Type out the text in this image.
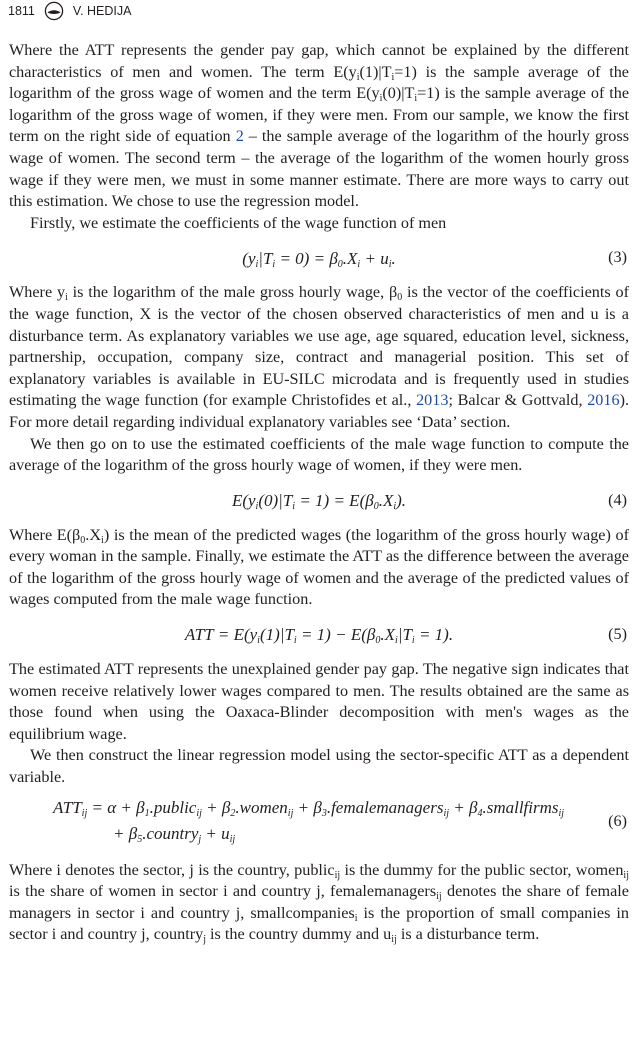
1811	V. HEDIJA

Where the ATT represents the gender pay gap, which cannot be explained by the different characteristics of men and women. The term $E(y_i(1)|T_i=1)$ is the sample average of the logarithm of the gross wage of women and the term $E(y_i(0)|T_i=1)$ is the sample average of the logarithm of the gross wage of women, if they were men. From our sample, we know the first term on the right side of equation 2 – the sample average of the logarithm of the hourly gross wage of women. The second term – the average of the logarithm of the women hourly gross wage if they were men, we must in some manner estimate. There are more ways to carry out this estimation. We chose to use the regression model.

Firstly, we estimate the coefficients of the wage function of men

$(y_i|T_i = 0) = \beta_0.X_i + u_i$.	(3)

Where $y_i$ is the logarithm of the male gross hourly wage, $\beta_0$ is the vector of the coefficients of the wage function, X is the vector of the chosen observed characteristics of men and u is a disturbance term. As explanatory variables we use age, age squared, education level, sickness, partnership, occupation, company size, contract and managerial position. This set of explanatory variables is available in EU-SILC microdata and is frequently used in studies estimating the wage function (for example Christofides et al., 2013; Balcar & Gottvald, 2016). For more detail regarding individual explanatory variables see ‘Data’ section.

We then go on to use the estimated coefficients of the male wage function to compute the average of the logarithm of the gross hourly wage of women, if they were men.

$E(y_i(0)|T_i = 1) = E(\beta_0.X_i)$.	(4)

Where $E(\beta_0.X_i)$ is the mean of the predicted wages (the logarithm of the gross hourly wage) of every woman in the sample. Finally, we estimate the ATT as the difference between the average of the logarithm of the gross hourly wage of women and the average of the predicted values of wages computed from the male wage function.

ATT = $E(y_i(1)|T_i = 1) - E(\beta_0.X_i|T_i = 1)$.	(5)

The estimated ATT represents the unexplained gender pay gap. The negative sign indicates that women receive relatively lower wages compared to men. The results obtained are the same as those found when using the Oaxaca-Blinder decomposition with men's wages as the equilibrium wage.

We then construct the linear regression model using the sector-specific ATT as a dependent variable.

$ATT_{ij} = \alpha$ + $\beta_1.public_{ij}$ + $\beta_2.women_{ij}$ + $\beta_3.femalemanagers_{ij}$ + $\beta_4.smallfirms_{ij}$
+ $\beta_5.country_j + u_{ij}$
(6)

Where i denotes the sector, j is the country, public$_{ij}$ is the dummy for the public sector, women$_{ij}$ is the share of women in sector i and country j, femalemanagers$_{ij}$ denotes the share of female managers in sector i and country j, smallcompanies$_i$ is the proportion of small companies in sector i and country j, country$_j$ is the country dummy and $u_{ij}$ is a disturbance term.
